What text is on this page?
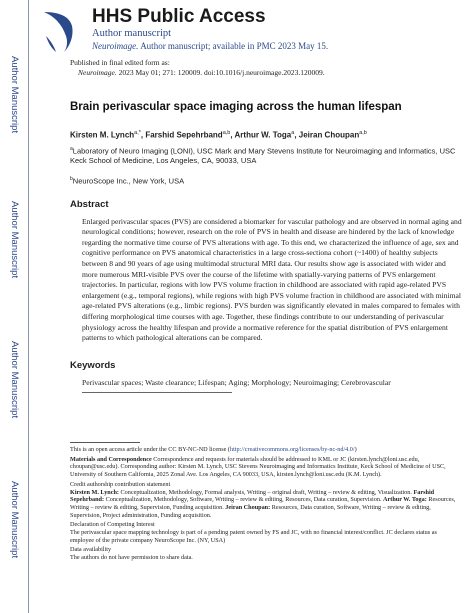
Author Manuscript
Author Manuscript
Author Manuscript
Author Manuscript
HHS Public Access
Author manuscript
Neuroimage. Author manuscript; available in PMC 2023 May 15.
Published in final edited form as:
Neuroimage. 2023 May 01; 271: 120009. doi:10.1016/j.neuroimage.2023.120009.
Brain perivascular space imaging across the human lifespan
Kirsten M. Lynch$^{a,*}$, Farshid Sepehrband$^{a,b}$, Arthur W. Toga$^a$, Jeiran Choupan$^{a,b}$
$^a$Laboratory of Neuro Imaging (LONI), USC Mark and Mary Stevens Institute for Neuroimaging and Informatics, USC Keck School of Medicine, Los Angeles, CA, 90033, USA
$^b$NeuroScope Inc., New York, USA
Abstract
Enlarged perivascular spaces (PVS) are considered a biomarker for vascular pathology and are observed in normal aging and neurological conditions; however, research on the role of PVS in health and disease are hindered by the lack of knowledge regarding the normative time course of PVS alterations with age. To this end, we characterized the influence of age, sex and cognitive performance on PVS anatomical characteristics in a large cross-sectiona cohort (~1400) of healthy subjects between 8 and 90 years of age using multimodal structural MRI data. Our results show age is associated with wider and more numerous MRI-visible PVS over the course of the lifetime with spatially-varying patterns of PVS enlargement trajectories. In particular, regions with low PVS volume fraction in childhood are associated with rapid age-related PVS enlargement (e.g., temporal regions), while regions with high PVS volume fraction in childhood are associated with minimal age-related PVS alterations (e.g., limbic regions). PVS burden was significantly elevated in males compared to females with differing morphological time courses with age. Together, these findings contribute to our understanding of perivascular physiology across the healthy lifespan and provide a normative reference for the spatial distribution of PVS enlargement patterns to which pathological alterations can be compared.
Keywords
Perivascular spaces; Waste clearance; Lifespan; Aging; Morphology; Neuroimaging; Cerebrovascular
This is an open access article under the CC BY-NC-ND license (http://creativecommons.org/licenses/by-nc-nd/4.0/)
Materials and Correspondence Correspondence and requests for materials should be addressed to KML or JC (kirsten.lynch@loni.usc.edu, choupan@usc.edu). Corresponding author: Kirsten M. Lynch, USC Stevens Neuroimaging and Informatics Institute, Keck School of Medicine of USC, University of Southern California, 2025 Zonal Ave. Los Angeles, CA 90033, USA, kirsten.lynch@loni.usc.edu (K.M. Lynch).
Credit authorship contribution statement
Kirsten M. Lynch: Conceptualization, Methodology, Formal analysis, Writing – original draft, Writing – review & editing, Visualization. Farshid Sepehrband: Conceptualization, Methodology, Software, Writing – review & editing, Resources, Data curation, Supervision. Arthur W. Toga: Resources, Writing – review & editing, Supervision, Funding acquisition. Jeiran Choupan: Resources, Data curation, Software, Writing – review & editing, Supervision, Project administration, Funding acquisition.
Declaration of Competing Interest
The perivascular space mapping technology is part of a pending patent owned by FS and JC, with no financial interest/conflict. JC declares status as employee of the private company NeuroScope Inc. (NY, USA)
Data availability
The authors do not have permission to share data.
